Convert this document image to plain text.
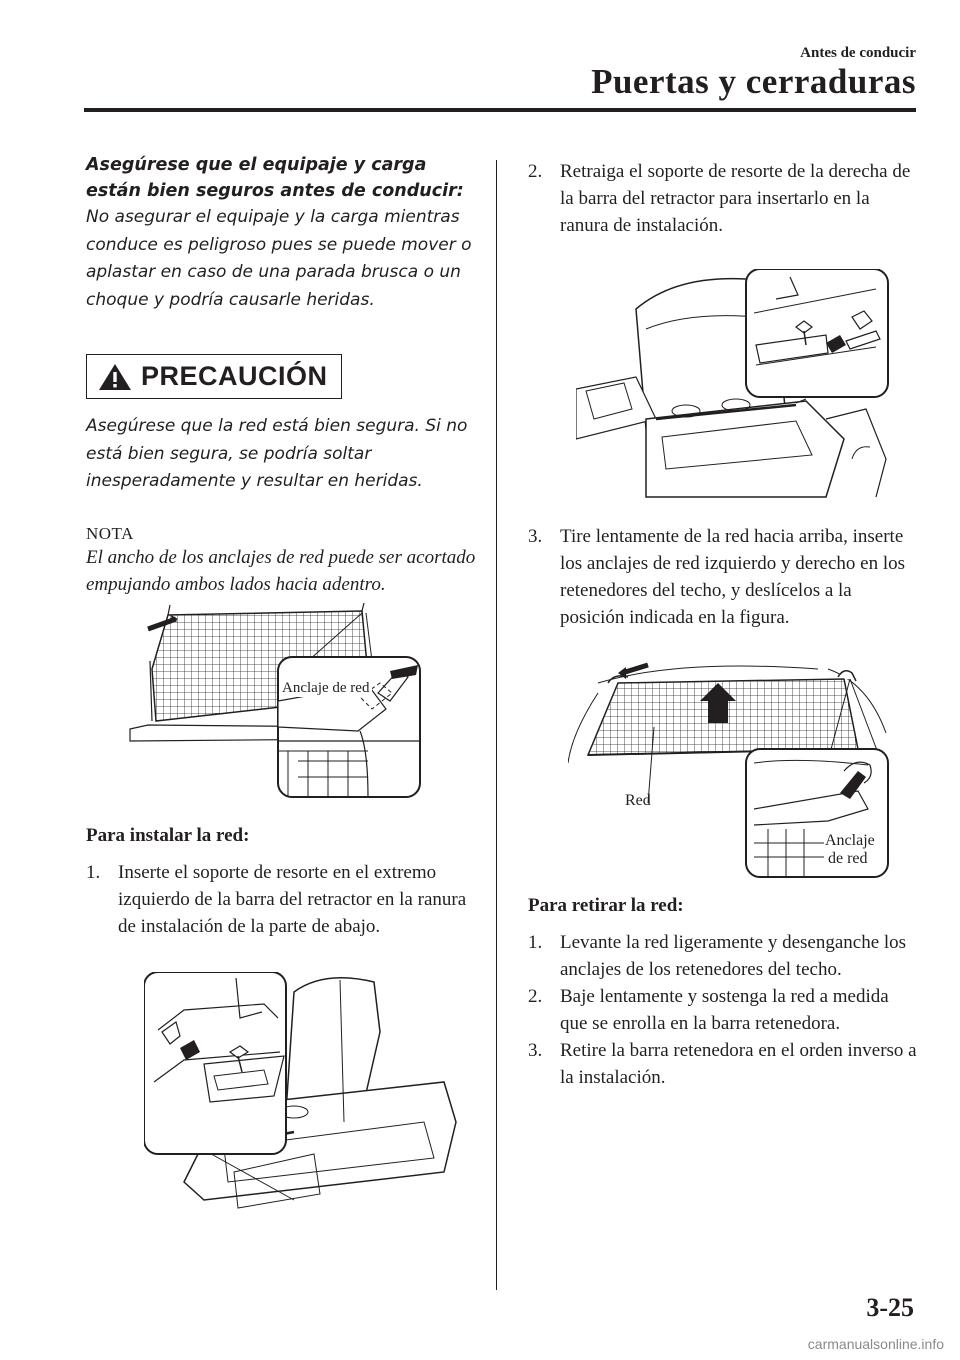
Antes de conducir
Puertas y cerraduras

Asegúrese que el equipaje y carga están bien seguros antes de conducir:

No asegurar el equipaje y la carga mientras conduce es peligroso pues se puede mover o aplastar en caso de una parada brusca o un choque y podría causarle heridas.

PRECAUCIÓN

Asegúrese que la red está bien segura. Si no está bien segura, se podría soltar inesperadamente y resultar en heridas.

NOTA

El ancho de los anclajes de red puede ser acortado empujando ambos lados hacia adentro.

Anclaje de red

Para instalar la red:

1. Inserte el soporte de resorte en el extremo izquierdo de la barra del retractor en la ranura de instalación de la parte de abajo.
2. Retraiga el soporte de resorte de la derecha de la barra del retractor para insertarlo en la ranura de instalación.
3. Tire lentamente de la red hacia arriba, inserte los anclajes de red izquierdo y derecho en los retenedores del techo, y deslícelos a la posición indicada en la figura.
Red
Anclaje
de red

Para retirar la red:

1. Levante la red ligeramente y desenganche los anclajes de los retenedores del techo.
2. Baje lentamente y sostenga la red a medida que se enrolla en la barra retenedora.
3. Retire la barra retenedora en el orden inverso a la instalación.
3-25
carmanualsonline.info
